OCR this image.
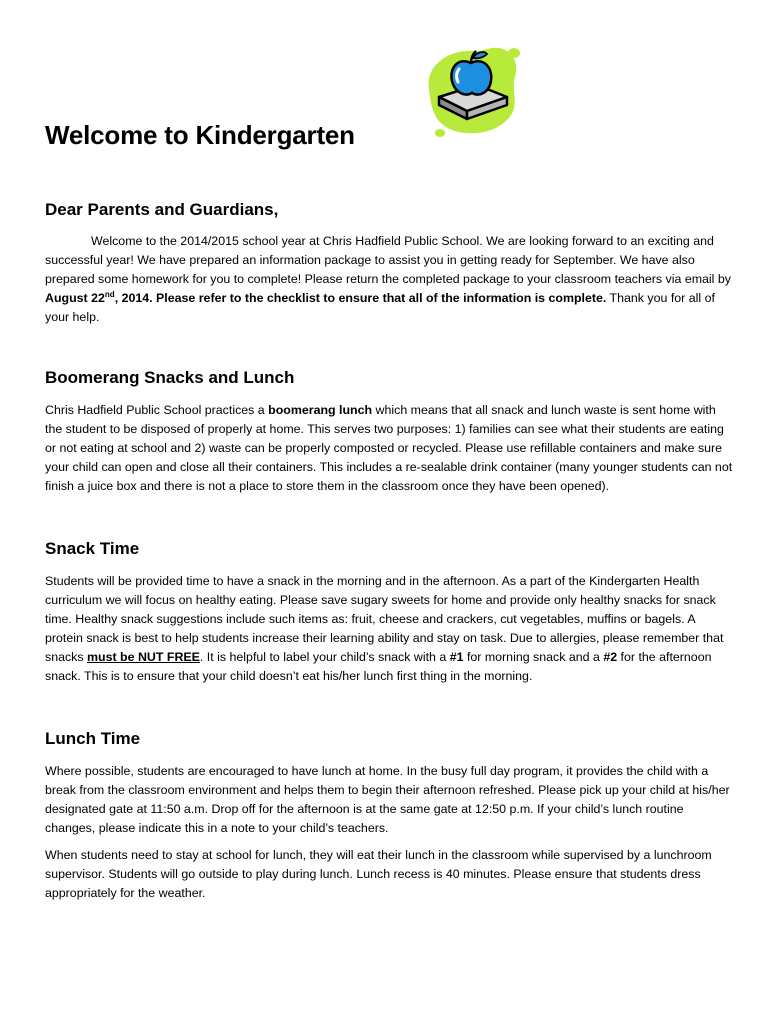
Welcome to Kindergarten
Dear Parents and Guardians,

Welcome to the 2014/2015 school year at Chris Hadfield Public School. We are looking forward to an exciting and successful year! We have prepared an information package to assist you in getting ready for September. We have also prepared some homework for you to complete! Please return the completed package to your classroom teachers via email by August 22nd, 2014. Please refer to the checklist to ensure that all of the information is complete. Thank you for all of your help.

Boomerang Snacks and Lunch

Chris Hadfield Public School practices a boomerang lunch which means that all snack and lunch waste is sent home with the student to be disposed of properly at home. This serves two purposes: 1) families can see what their students are eating or not eating at school and 2) waste can be properly composted or recycled. Please use refillable containers and make sure your child can open and close all their containers. This includes a re-sealable drink container (many younger students can not finish a juice box and there is not a place to store them in the classroom once they have been opened).

Snack Time

Students will be provided time to have a snack in the morning and in the afternoon. As a part of the Kindergarten Health curriculum we will focus on healthy eating. Please save sugary sweets for home and provide only healthy snacks for snack time. Healthy snack suggestions include such items as: fruit, cheese and crackers, cut vegetables, muffins or bagels. A protein snack is best to help students increase their learning ability and stay on task. Due to allergies, please remember that snacks must be NUT FREE. It is helpful to label your child’s snack with a #1 for morning snack and a #2 for the afternoon snack. This is to ensure that your child doesn’t eat his/her lunch first thing in the morning.

Lunch Time

Where possible, students are encouraged to have lunch at home. In the busy full day program, it provides the child with a break from the classroom environment and helps them to begin their afternoon refreshed. Please pick up your child at his/her designated gate at 11:50 a.m. Drop off for the afternoon is at the same gate at 12:50 p.m. If your child’s lunch routine changes, please indicate this in a note to your child’s teachers.

When students need to stay at school for lunch, they will eat their lunch in the classroom while supervised by a lunchroom supervisor. Students will go outside to play during lunch. Lunch recess is 40 minutes. Please ensure that students dress appropriately for the weather.
